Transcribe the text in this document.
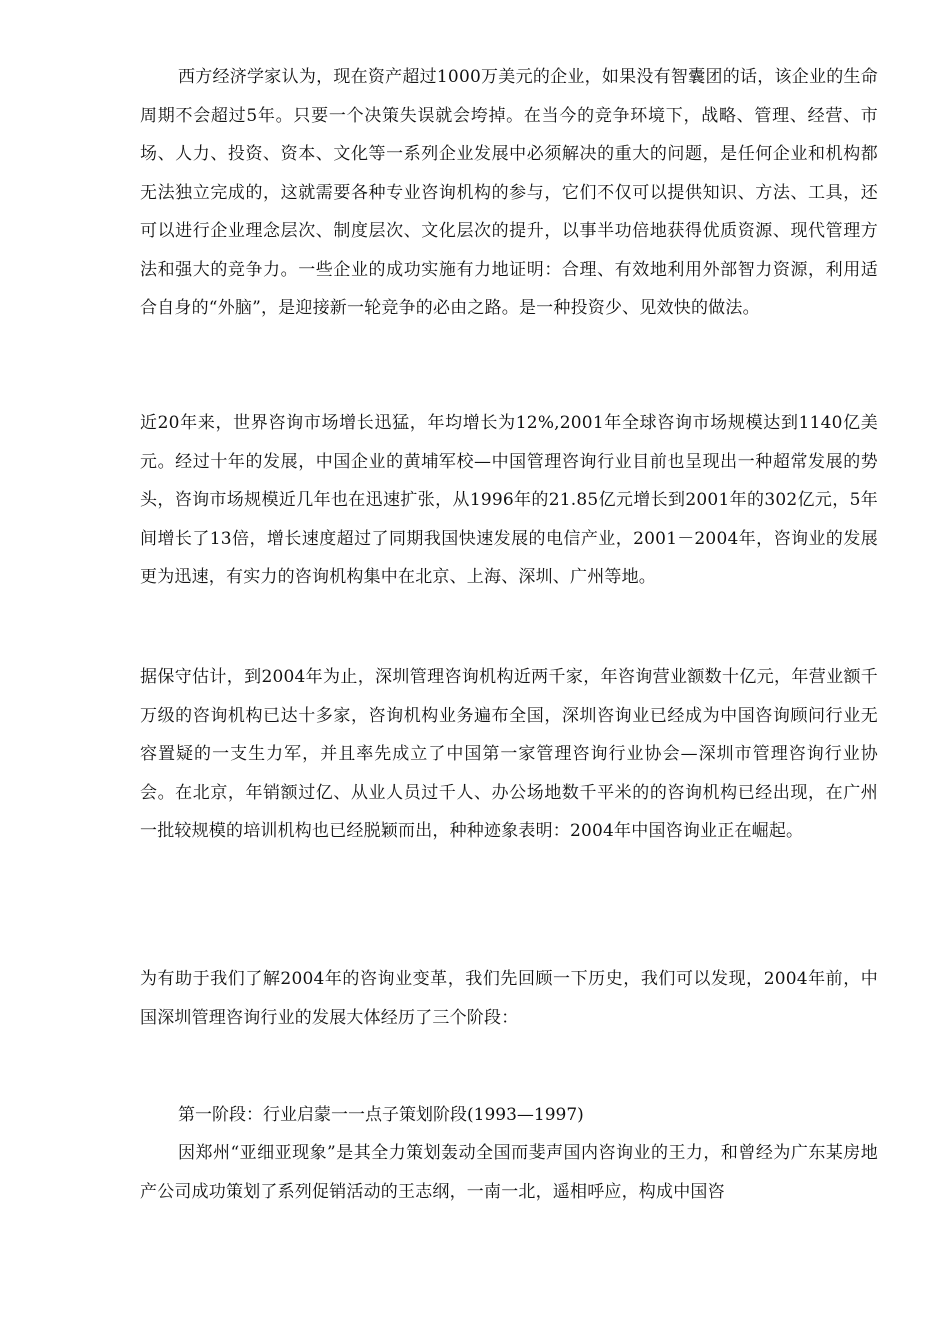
西方经济学家认为，现在资产超过1000万美元的企业，如果没有智囊团的话，该企业的生命周期不会超过5年。只要一个决策失误就会垮掉。在当今的竞争环境下，战略、管理、经营、市场、人力、投资、资本、文化等一系列企业发展中必须解决的重大的问题，是任何企业和机构都无法独立完成的，这就需要各种专业咨询机构的参与，它们不仅可以提供知识、方法、工具，还可以进行企业理念层次、制度层次、文化层次的提升，以事半功倍地获得优质资源、现代管理方法和强大的竞争力。一些企业的成功实施有力地证明：合理、有效地利用外部智力资源，利用适合自身的“外脑”，是迎接新一轮竞争的必由之路。是一种投资少、见效快的做法。

近20年来，世界咨询市场增长迅猛，年均增长为12%,2001年全球咨询市场规模达到1140亿美元。经过十年的发展，中国企业的黄埔军校—中国管理咨询行业目前也呈现出一种超常发展的势头，咨询市场规模近几年也在迅速扩张，从1996年的21.85亿元增长到2001年的302亿元，5年间增长了13倍，增长速度超过了同期我国快速发展的电信产业，2001－2004年，咨询业的发展更为迅速，有实力的咨询机构集中在北京、上海、深圳、广州等地。

据保守估计，到2004年为止，深圳管理咨询机构近两千家，年咨询营业额数十亿元，年营业额千万级的咨询机构已达十多家，咨询机构业务遍布全国，深圳咨询业已经成为中国咨询顾问行业无容置疑的一支生力军，并且率先成立了中国第一家管理咨询行业协会—深圳市管理咨询行业协会。在北京，年销额过亿、从业人员过千人、办公场地数千平米的的咨询机构已经出现，在广州一批较规模的培训机构也已经脱颖而出，种种迹象表明：2004年中国咨询业正在崛起。

为有助于我们了解2004年的咨询业变革，我们先回顾一下历史，我们可以发现，2004年前，中国深圳管理咨询行业的发展大体经历了三个阶段：

第一阶段：行业启蒙一一点子策划阶段(1993—1997)

因郑州“亚细亚现象”是其全力策划轰动全国而斐声国内咨询业的王力，和曾经为广东某房地产公司成功策划了系列促销活动的王志纲，一南一北，遥相呼应，构成中国咨
